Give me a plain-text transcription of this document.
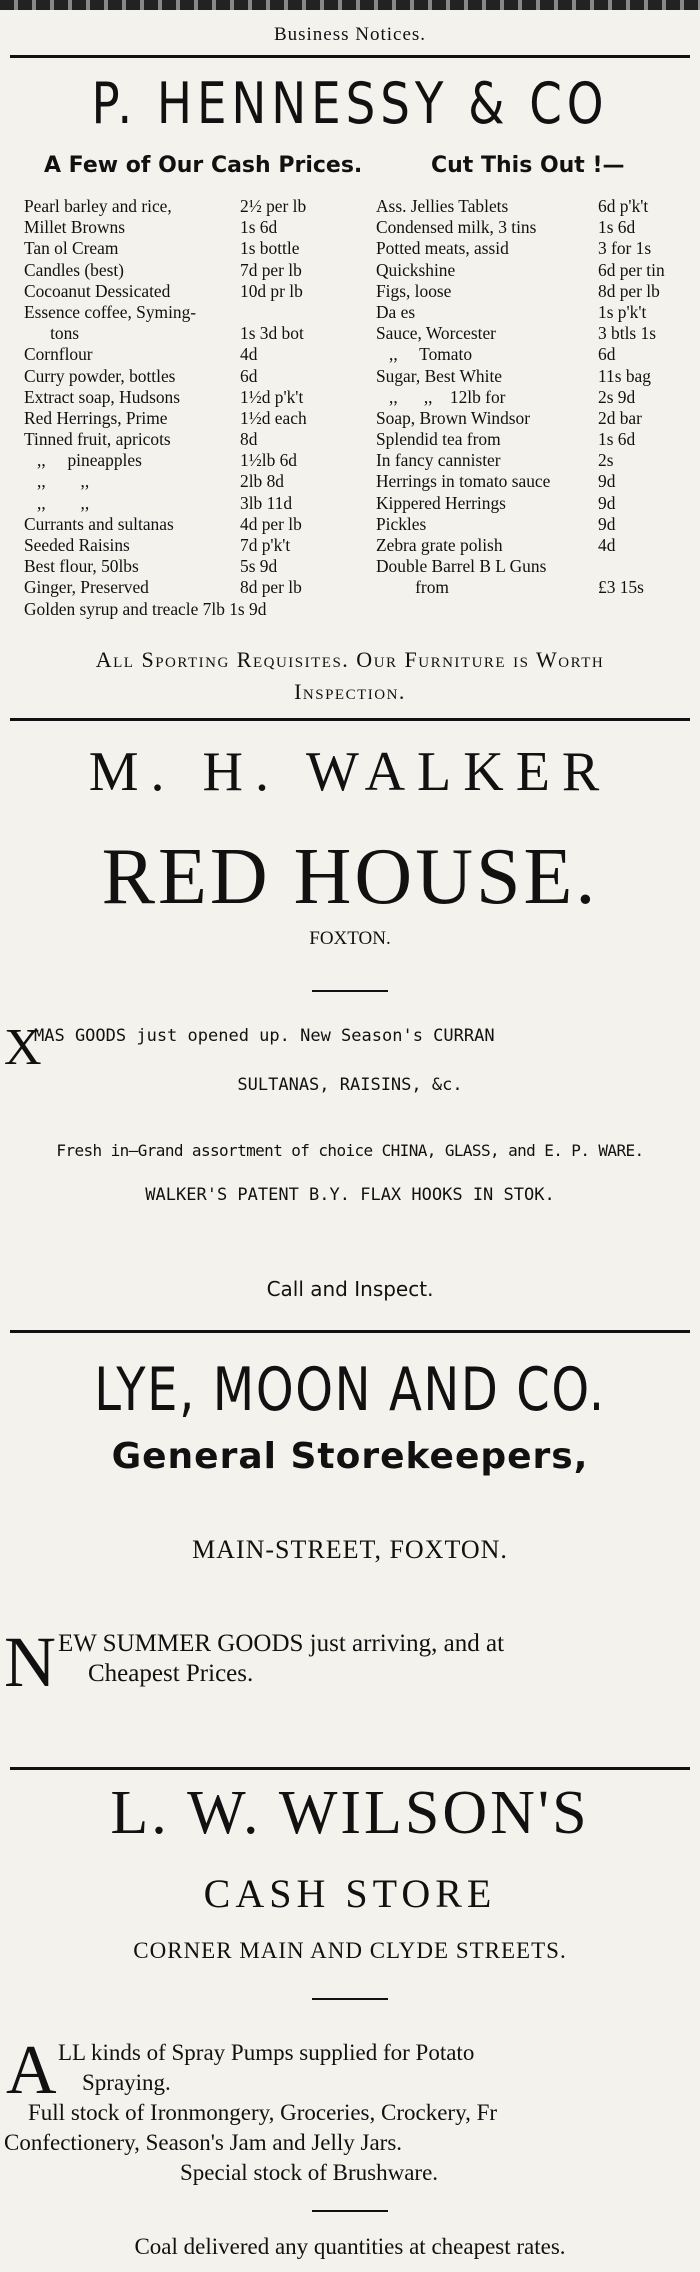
Business Notices.
P. HENNESSY & CO
A Few of Our Cash Prices.	Cut This Out !—
Pearl barley and rice,	2½ per lb
Millet Browns	1s 6d
Tan ol Cream	1s bottle
Candles (best)	7d per lb
Cocoanut Dessicated	10d pr lb
Essence coffee, Syming-
tons	1s 3d bot
Cornflour	4d
Curry powder, bottles	6d
Extract soap, Hudsons	1½d p'k't
Red Herrings, Prime	1½d each
Tinned fruit, apricots	8d
,,     pineapples	1½lb 6d
,,        ,,	2lb 8d
,,        ,,	3lb 11d
Currants and sultanas	4d per lb
Seeded Raisins	7d p'k't
Best flour, 50lbs	5s 9d
Ginger, Preserved	8d per lb
Golden syrup and treacle 7lb 1s 9d
Ass. Jellies Tablets	6d p'k't
Condensed milk, 3 tins	1s 6d
Potted meats, assid	3 for 1s
Quickshine	6d per tin
Figs, loose	8d per lb
Da es	1s p'k't
Sauce, Worcester	3 btls 1s
,,     Tomato	6d
Sugar, Best White	11s bag
,,      ,,    12lb for	2s 9d
Soap, Brown Windsor	2d bar
Splendid tea from	1s 6d
In fancy cannister	2s
Herrings in tomato sauce	9d
Kippered Herrings	9d
Pickles	9d
Zebra grate polish	4d
Double Barrel B L Guns
from	£3 15s
All Sporting Requisites. Our Furniture is Worth
Inspection.
M. H. WALKER
RED HOUSE.
FOXTON.
X
MAS GOODS just opened up. New Season's CURRAN
SULTANAS, RAISINS, &c.
Fresh in—Grand assortment of choice CHINA, GLASS, and E. P. WARE.
WALKER'S PATENT B.Y. FLAX HOOKS IN STOK.
Call and Inspect.
LYE, MOON AND CO.
General Storekeepers,
MAIN-STREET, FOXTON.
N EW SUMMER GOODS just arriving, and at
Cheapest Prices.
L. W. WILSON'S
CASH STORE
CORNER MAIN AND CLYDE STREETS.
A LL kinds of Spray Pumps supplied for Potato
Spraying.
Full stock of Ironmongery, Groceries, Crockery, Fr
Confectionery, Season's Jam and Jelly Jars.
Special stock of Brushware.
Coal delivered any quantities at cheapest rates.
